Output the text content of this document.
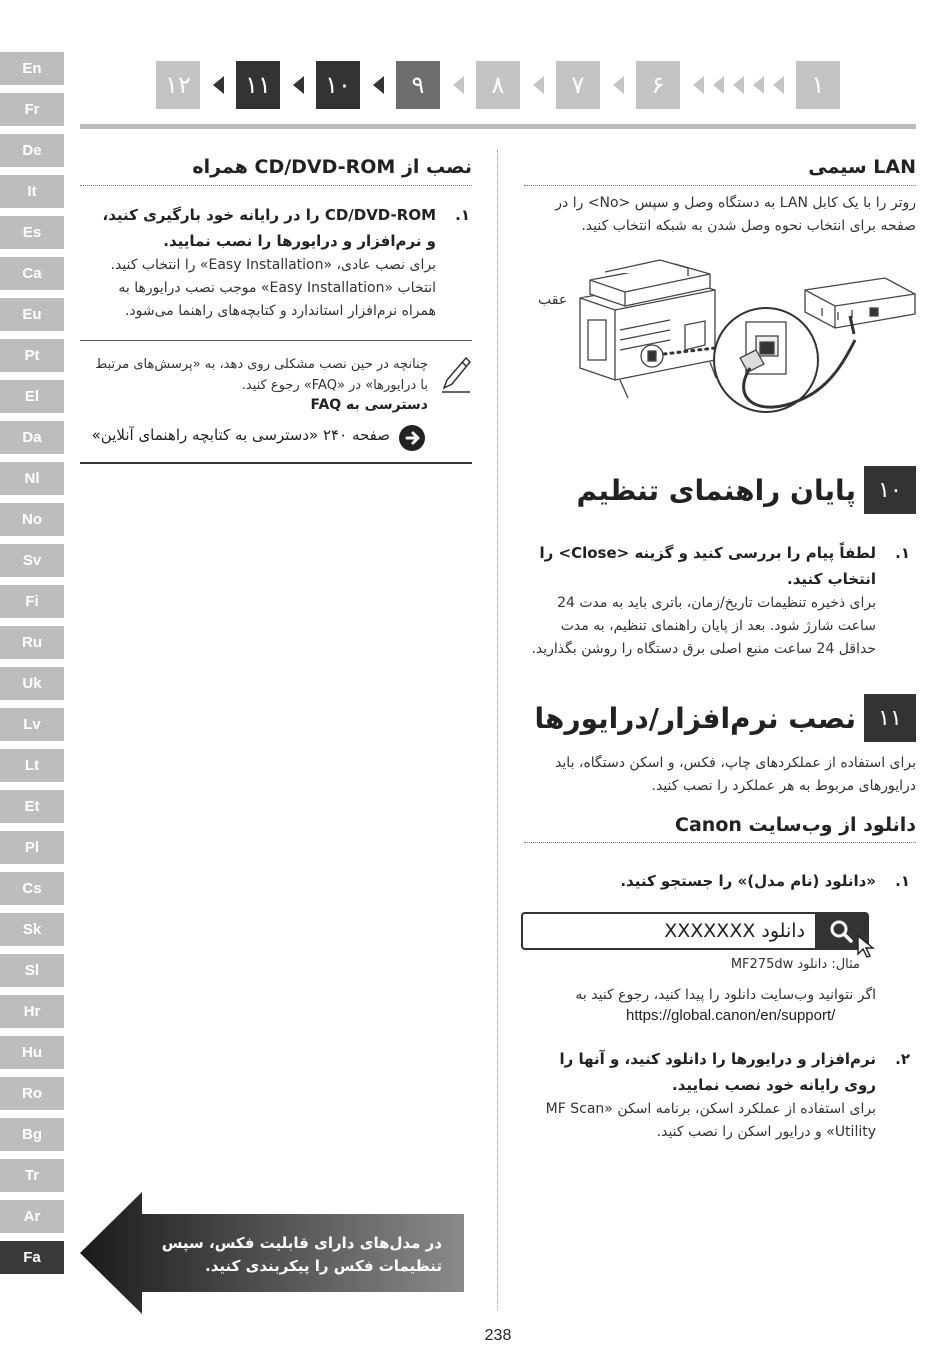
En
Fr
De
It
Es
Ca
Eu
Pt
El
Da
Nl
No
Sv
Fi
Ru
Uk
Lv
Lt
Et
Pl
Cs
Sk
Sl
Hr
Hu
Ro
Bg
Tr
Ar
Fa
۱۲	۱۱	۱۰	۹	۸	۷	۶	۱
LAN سیمی
روتر را با یک کابل LAN به دستگاه وصل و سپس <No> را در صفحه برای انتخاب نحوه وصل شدن به شبکه انتخاب کنید.
عقب
۱۰
پایان راهنمای تنظیم
۱.
لطفاً پیام را بررسی کنید و گزینه <Close> را انتخاب کنید.
برای ذخیره تنظیمات تاریخ/زمان، باتری باید به مدت 24 ساعت شارژ شود. بعد از پایان راهنمای تنظیم، به مدت حداقل 24 ساعت منبع اصلی برق دستگاه را روشن بگذارید.
۱۱
نصب نرم‌افزار/درایورها
برای استفاده از عملکردهای چاپ، فکس، و اسکن دستگاه، باید درایورهای مربوط به هر عملکرد را نصب کنید.
دانلود از وب‌سایت Canon
۱.
«دانلود (نام مدل)» را جستجو کنید.
دانلود XXXXXXX
مثال: دانلود MF275dw
اگر نتوانید وب‌سایت دانلود را پیدا کنید، رجوع کنید به
https://global.canon/en/support/
۲.
نرم‌افزار و درایورها را دانلود کنید، و آنها را روی رایانه خود نصب نمایید.
برای استفاده از عملکرد اسکن، برنامه اسکن «MF Scan Utility» و درایور اسکن را نصب کنید.
نصب از CD/DVD-ROM همراه
۱.
CD/DVD-ROM را در رایانه خود بارگیری کنید، و نرم‌افزار و درایورها را نصب نمایید.
برای نصب عادی، «Easy Installation» را انتخاب کنید. انتخاب «Easy Installation» موجب نصب درایورها به همراه نرم‌افزار استاندارد و کتابچه‌های راهنما می‌شود.
چنانچه در حین نصب مشکلی روی دهد، به «پرسش‌های مرتبط با درایورها» در «FAQ» رجوع کنید.
دسترسی به FAQ
صفحه ۲۴۰ «دسترسی به کتابچه راهنمای آنلاین»
در مدل‌های دارای قابلیت فکس، سپس تنظیمات فکس را پیکربندی کنید.
238
